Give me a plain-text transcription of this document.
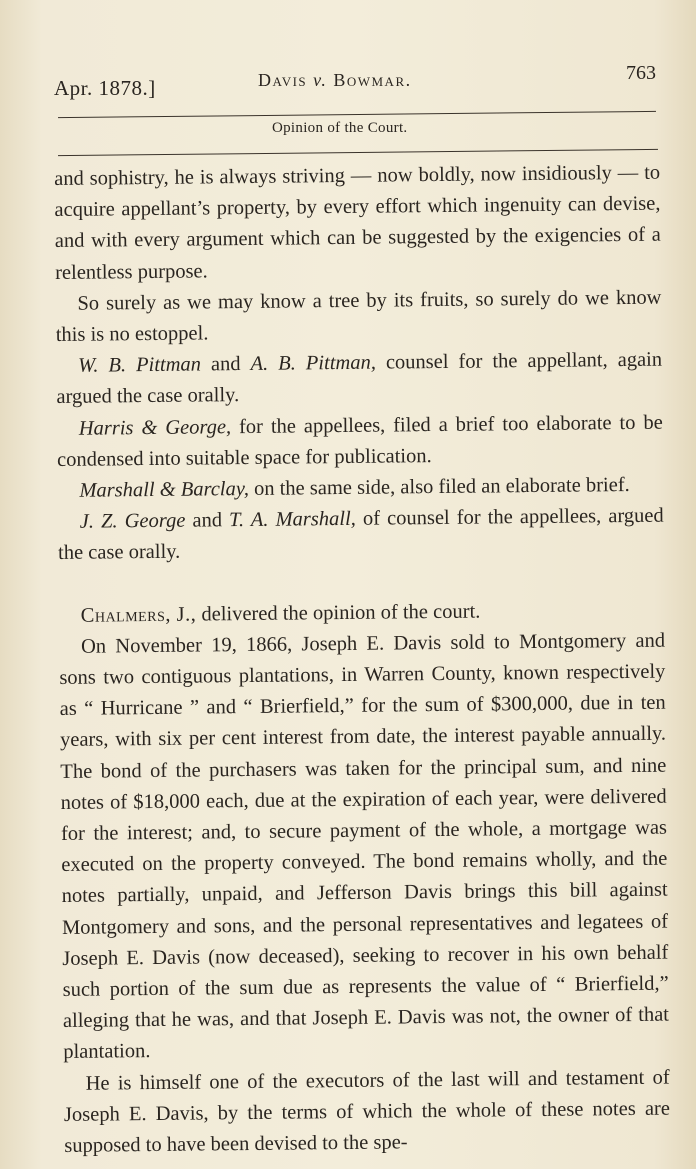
Apr. 1878.]	Davis v. Bowmar.	763
Opinion of the Court.

and sophistry, he is always striving — now boldly, now insidiously — to acquire appellant’s property, by every effort which ingenuity can devise, and with every argument which can be suggested by the exigencies of a relentless purpose.

So surely as we may know a tree by its fruits, so surely do we know this is no estoppel.

W. B. Pittman and A. B. Pittman, counsel for the appellant, again argued the case orally.

Harris & George, for the appellees, filed a brief too elaborate to be condensed into suitable space for publication.

Marshall & Barclay, on the same side, also filed an elaborate brief.

J. Z. George and T. A. Marshall, of counsel for the appellees, argued the case orally.

Chalmers, J., delivered the opinion of the court.

On November 19, 1866, Joseph E. Davis sold to Montgomery and sons two contiguous plantations, in Warren County, known respectively as “ Hurricane ” and “ Brierfield,” for the sum of $300,000, due in ten years, with six per cent interest from date, the interest payable annually. The bond of the purchasers was taken for the principal sum, and nine notes of $18,000 each, due at the expiration of each year, were delivered for the interest; and, to secure payment of the whole, a mortgage was executed on the property conveyed. The bond remains wholly, and the notes partially, unpaid, and Jefferson Davis brings this bill against Montgomery and sons, and the personal representatives and legatees of Joseph E. Davis (now deceased), seeking to recover in his own behalf such portion of the sum due as represents the value of “ Brierfield,” alleging that he was, and that Joseph E. Davis was not, the owner of that plantation.

He is himself one of the executors of the last will and testament of Joseph E. Davis, by the terms of which the whole of these notes are supposed to have been devised to the spe-
